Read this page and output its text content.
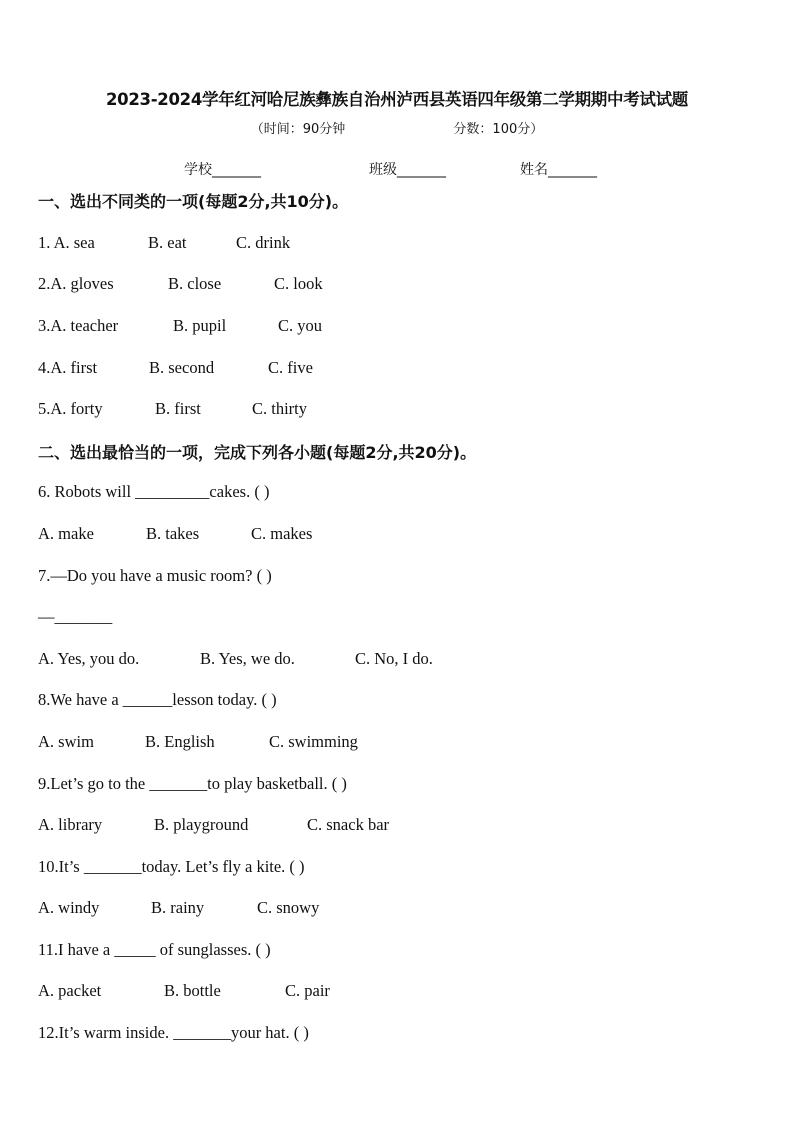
2023-2024学年红河哈尼族彝族自治州泸西县英语四年级第二学期期中考试试题
（时间：90分钟	分数：100分）
学校_______	班级_______	姓名_______
一、选出不同类的一项(每题2分,共10分)。
1. A. sea	B. eat	C. drink
2.A. gloves	B. close	C. look
3.A. teacher	B. pupil	C. you
4.A. first	B. second	C. five
5.A. forty	B. first	C. thirty
二、选出最恰当的一项，完成下列各小题(每题2分,共20分)。
6. Robots will _________cakes. ( )
A. make	B. takes	C. makes
7.—Do you have a music room? ( )
—_______
A. Yes, you do.	B. Yes, we do.	C. No, I do.
8.We have a ______lesson today. ( )
A. swim	B. English	C. swimming
9.Let’s go to the _______to play basketball. ( )
A. library	B. playground	C. snack bar
10.It’s _______today. Let’s fly a kite. ( )
A. windy	B. rainy	C. snowy
11.I have a _____ of sunglasses. ( )
A. packet	B. bottle	C. pair
12.It’s warm inside. _______your hat. ( )
